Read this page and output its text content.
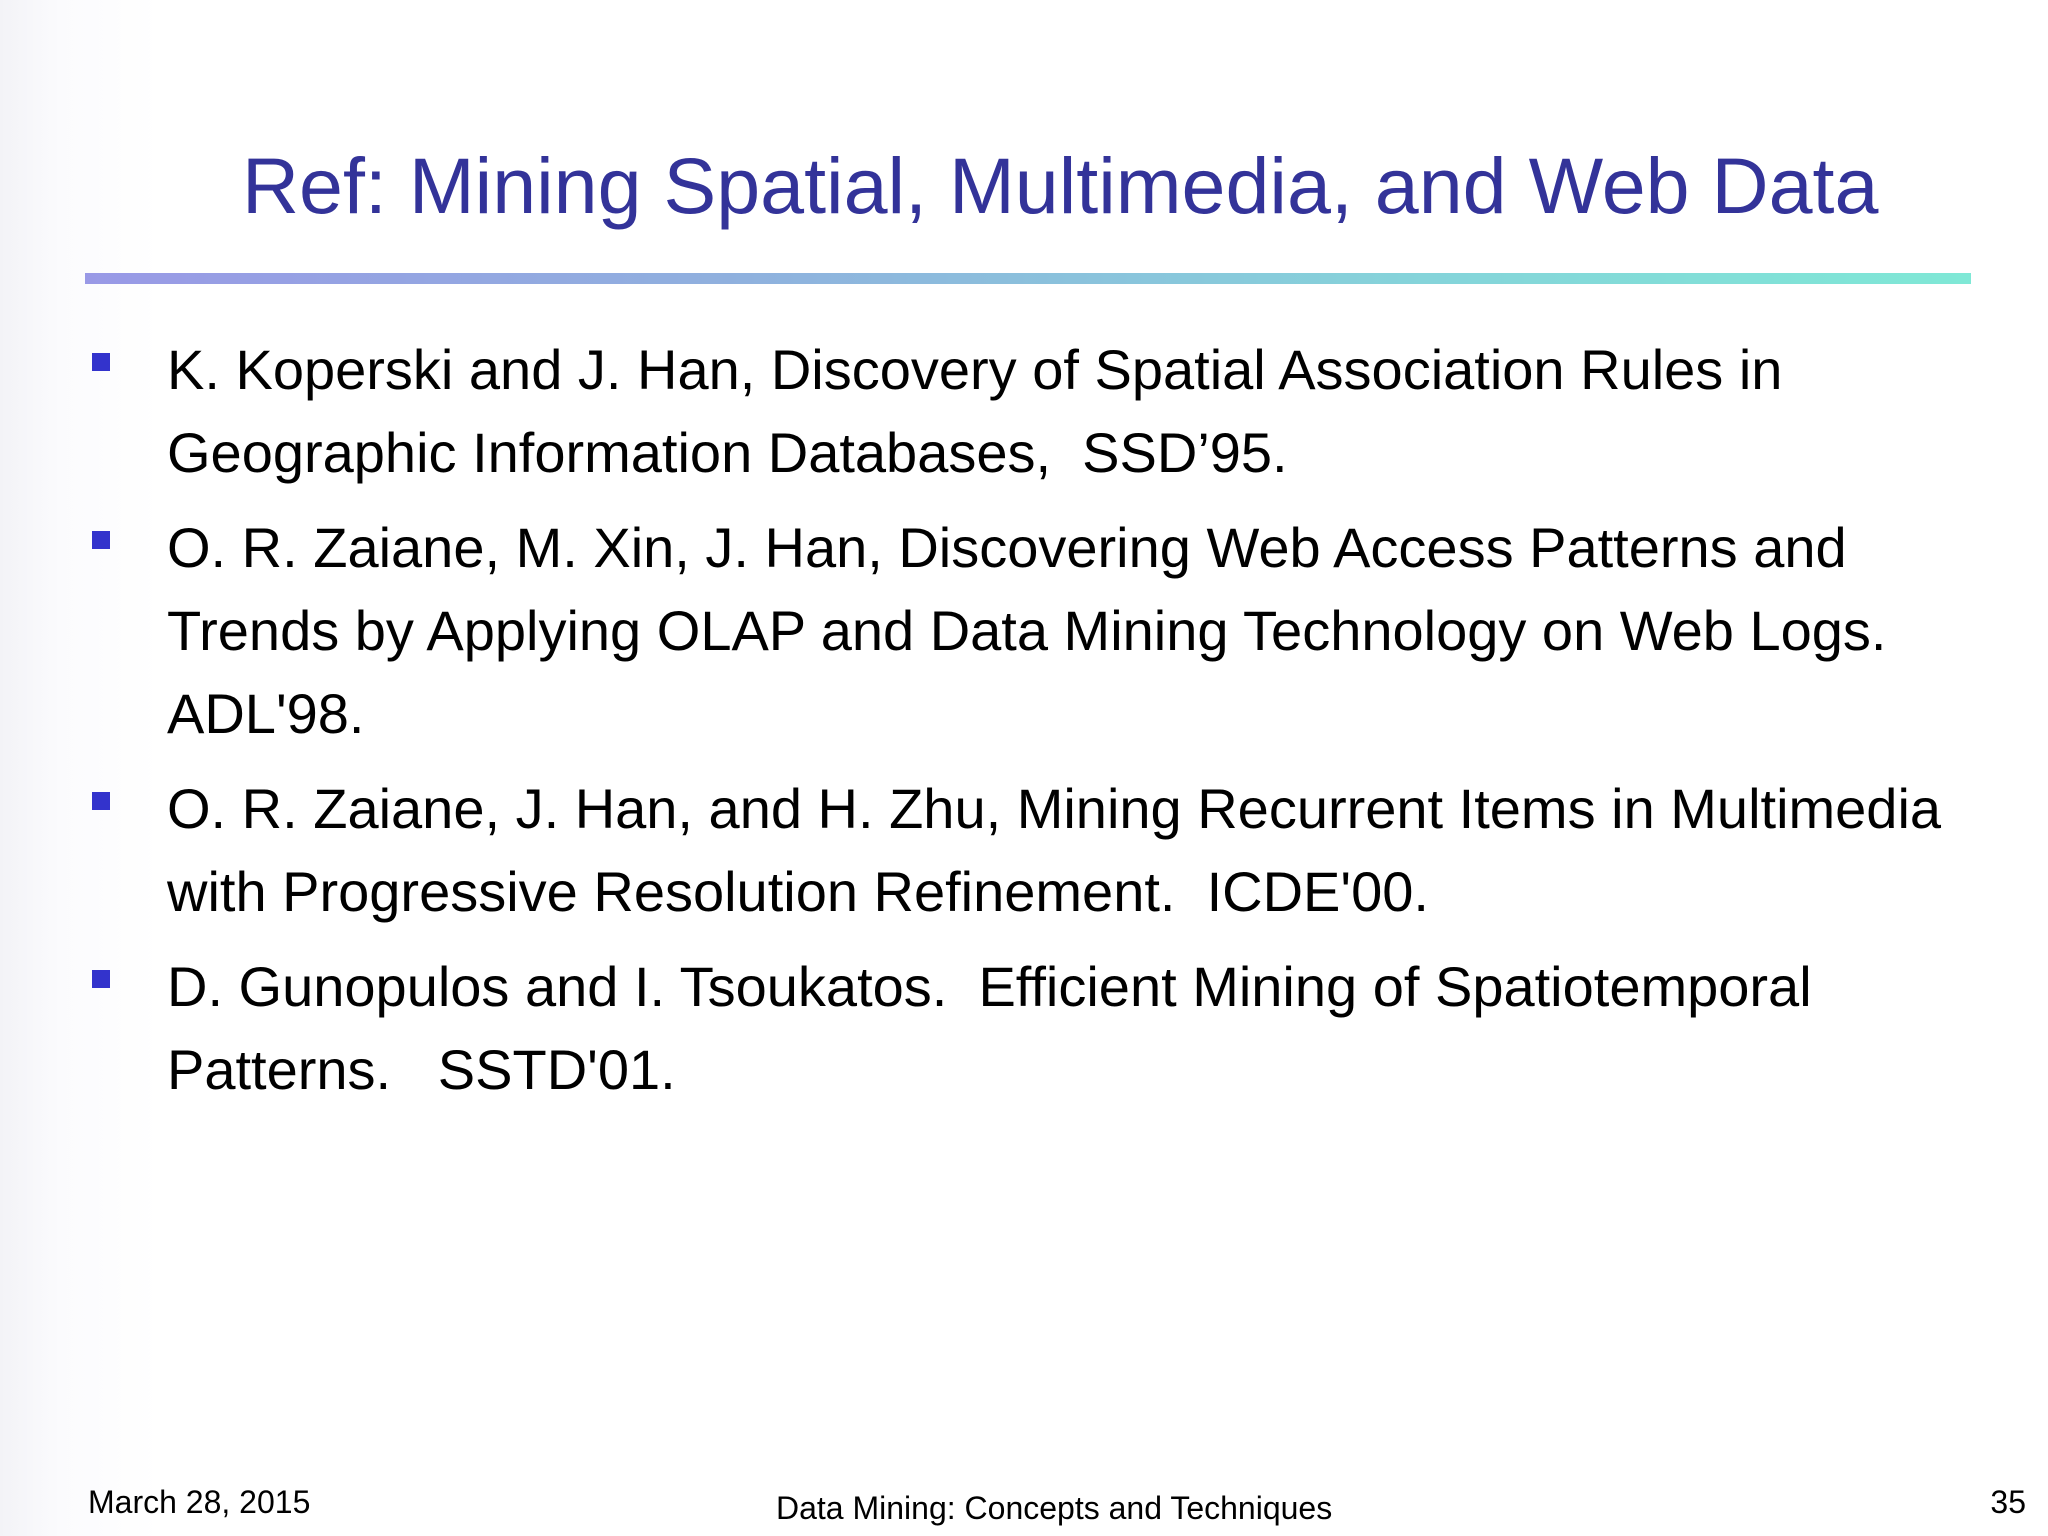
Ref: Mining Spatial, Multimedia, and Web Data
K. Koperski and J. Han, Discovery of Spatial Association Rules in Geographic Information Databases,  SSD’95.
O. R. Zaiane, M. Xin, J. Han, Discovering Web Access Patterns and Trends by Applying OLAP and Data Mining Technology on Web Logs. ADL'98.
O. R. Zaiane, J. Han, and H. Zhu, Mining Recurrent Items in Multimedia with Progressive Resolution Refinement.  ICDE'00.
D. Gunopulos and I. Tsoukatos.  Efficient Mining of Spatiotemporal Patterns.   SSTD'01.
March 28, 2015	Data Mining: Concepts and Techniques	35
